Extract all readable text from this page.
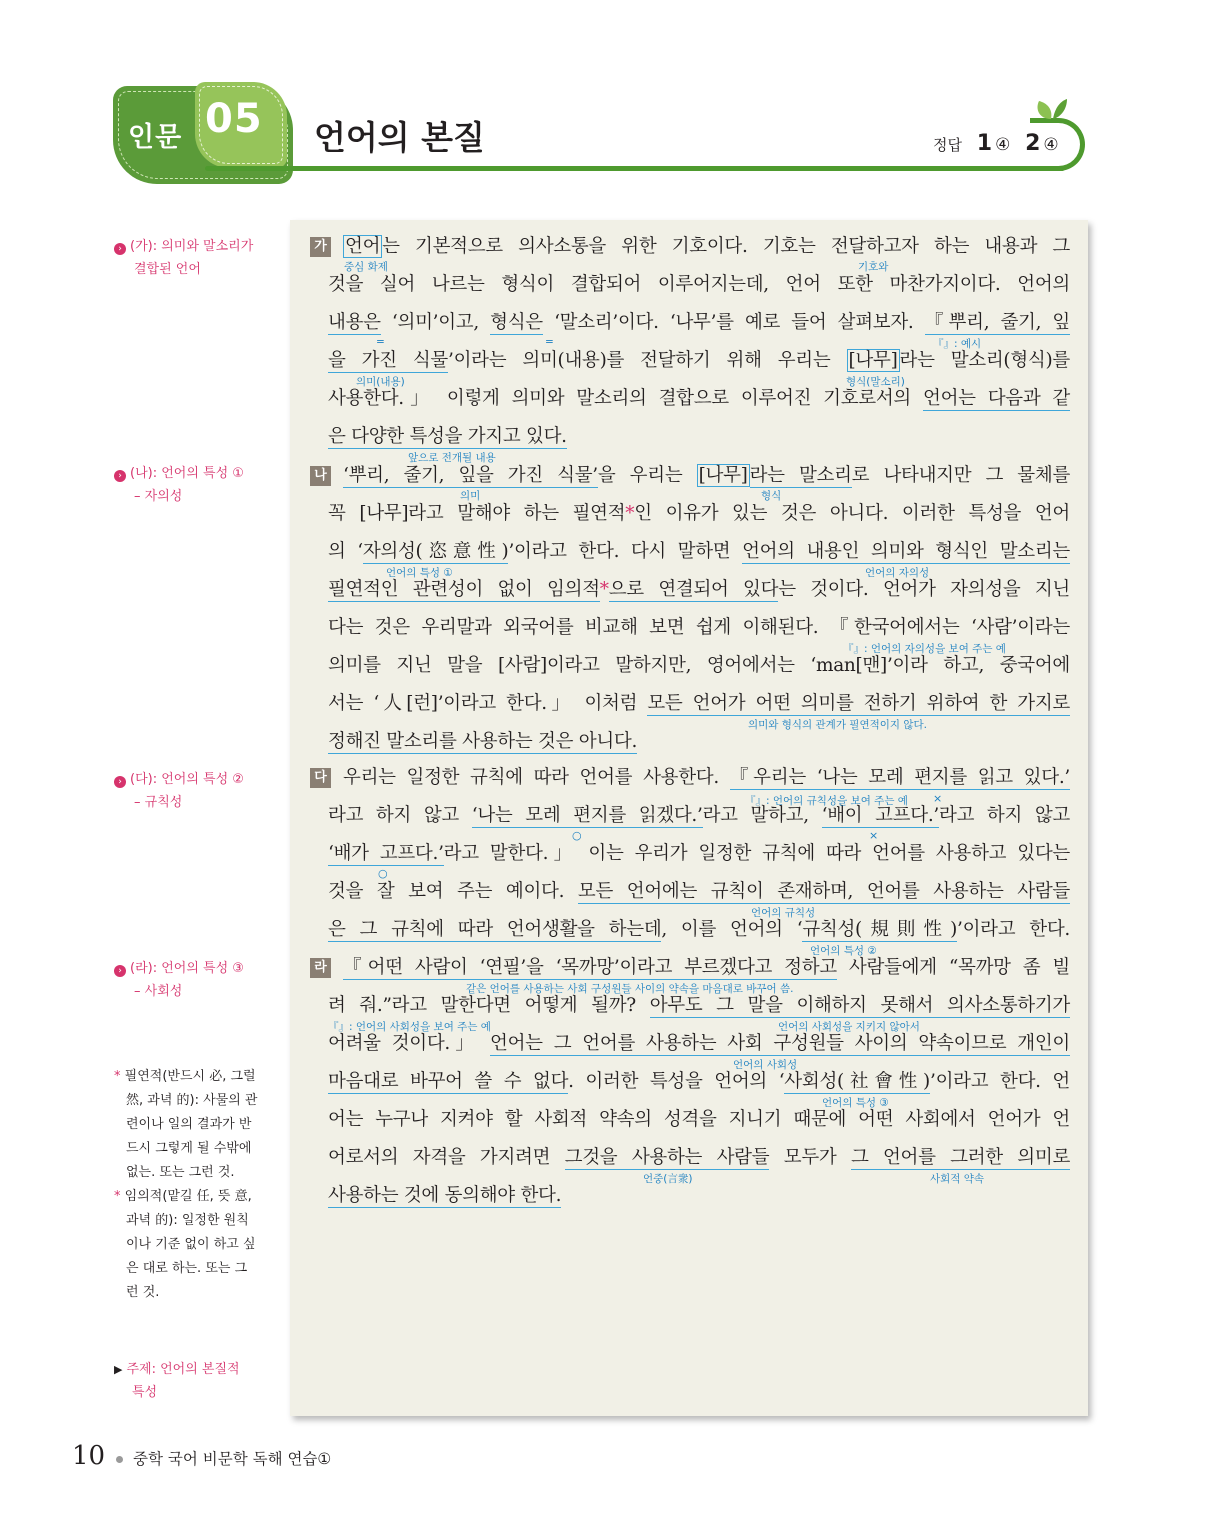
인문 05 언어의 본질	정답 1 ④ 2 ④
› (가): 의미와 말소리가
결합된 언어
› (나): 언어의 특성 ①
– 자의성
› (다): 언어의 특성 ②
– 규칙성
› (라): 언어의 특성 ③
– 사회성
* 필연적(반드시 必, 그럴
然, 과녁 的): 사물의 관
련이나 일의 결과가 반
드시 그렇게 될 수밖에
없는. 또는 그런 것.
* 임의적(맡길 任, 뜻 意,
과녁 的): 일정한 원칙
이나 기준 없이 하고 싶
은 대로 하는. 또는 그
런 것.
▶ 주제: 언어의 본질적
특성
가 언어 는 기본적으로 의사소통을 위한 기호이다. 기호는 전달하고자 하는 내용과 그
것을 실어 나르는 형식이 결합되어 이루어지는데, 언어 또한 마찬가지이다. 언어의
내용은 ‘의미’이고, 형식은 ‘말소리’이다. ‘나무’를 예로 들어 살펴보자. 『뿌리, 줄기, 잎
을 가진 식물’이라는 의미(내용)를 전달하기 위해 우리는 [나무] 라는 말소리(형식)를
사용한다.」 이렇게 의미와 말소리의 결합으로 이루어진 기호로서의 언어는 다음과 같
은 다양한 특성을 가지고 있다.
나 ‘뿌리, 줄기, 잎을 가진 식물’을 우리는 [나무] 라는 말소리로 나타내지만 그 물체를
꼭 [나무]라고 말해야 하는 필연적*인 이유가 있는 것은 아니다. 이러한 특성을 언어
의 ‘자의성(恣意性)’이라고 한다. 다시 말하면 언어의 내용인 의미와 형식인 말소리는
필연적인 관련성이 없이 임의적*으로 연결되어 있다는 것이다. 언어가 자의성을 지닌
다는 것은 우리말과 외국어를 비교해 보면 쉽게 이해된다. 『한국어에서는 ‘사람’이라는
의미를 지닌 말을 [사람]이라고 말하지만, 영어에서는 ‘man[맨]’이라 하고, 중국어에
서는 ‘人[런]’이라고 한다.」 이처럼 모든 언어가 어떤 의미를 전하기 위하여 한 가지로
정해진 말소리를 사용하는 것은 아니다.
다 우리는 일정한 규칙에 따라 언어를 사용한다. 『우리는 ‘나는 모레 편지를 읽고 있다.’
라고 하지 않고 ‘나는 모레 편지를 읽겠다.’라고 말하고, ‘배이 고프다.’라고 하지 않고
‘배가 고프다.’라고 말한다.」 이는 우리가 일정한 규칙에 따라 언어를 사용하고 있다는
것을 잘 보여 주는 예이다. 모든 언어에는 규칙이 존재하며, 언어를 사용하는 사람들
은 그 규칙에 따라 언어생활을 하는데, 이를 언어의 ‘규칙성(規則性)’이라고 한다.
라 『어떤 사람이 ‘연필’을 ‘목까망’이라고 부르겠다고 정하고 사람들에게 “목까망 좀 빌
려 줘.”라고 말한다면 어떻게 될까? 아무도 그 말을 이해하지 못해서 의사소통하기가
어려울 것이다.」 언어는 그 언어를 사용하는 사회 구성원들 사이의 약속이므로 개인이
마음대로 바꾸어 쓸 수 없다. 이러한 특성을 언어의 ‘사회성(社會性)’이라고 한다. 언
어는 누구나 지켜야 할 사회적 약속의 성격을 지니기 때문에 어떤 사회에서 언어가 언
어로서의 자격을 가지려면 그것을 사용하는 사람들 모두가 그 언어를 그러한 의미로
사용하는 것에 동의해야 한다.
중심 화제	기호와
=	=	『』: 예시
의미(내용)	형식(말소리)
앞으로 전개될 내용
의미	형식
언어의 특성 ①	언어의 자의성
『』: 언어의 자의성을 보여 주는 예
의미와 형식의 관계가 필연적이지 않다.
『』: 언어의 규칙성을 보여 주는 예 ×
○	×
○
언어의 규칙성
언어의 특성 ②
같은 언어를 사용하는 사회 구성원들 사이의 약속을 마음대로 바꾸어 씀.
『』: 언어의 사회성을 보여 주는 예	언어의 사회성을 지키지 않아서
언어의 사회성
언어의 특성 ③
언중(言衆)	사회적 약속
10 중학 국어 비문학 독해 연습①
